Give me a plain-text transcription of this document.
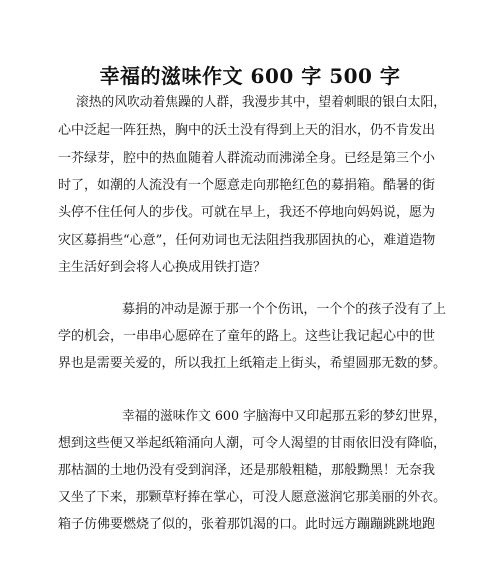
幸福的滋味作文 600 字 500 字
滚热的风吹动着焦躁的人群，我漫步其中，望着刺眼的银白太阳，
心中泛起一阵狂热，胸中的沃土没有得到上天的泪水，仍不肯发出
一芥绿芽，腔中的热血随着人群流动而沸涕全身。已经是第三个小
时了，如潮的人流没有一个愿意走向那艳红色的募捐箱。酷暑的街
头停不住任何人的步伐。可就在早上，我还不停地向妈妈说，愿为
灾区募捐些“心意”，任何劝词也无法阻挡我那固执的心，难道造物
主生活好到会将人心换成用铁打造？
募捐的冲动是源于那一个个伤讯，一个个的孩子没有了上
学的机会，一串串心愿碎在了童年的路上。这些让我记起心中的世
界也是需要关爱的，所以我扛上纸箱走上街头，希望圆那无数的梦。
幸福的滋味作文 600 字脑海中又印起那五彩的梦幻世界，
想到这些便又举起纸箱涌向人潮，可令人渴望的甘雨依旧没有降临，
那枯涸的土地仍没有受到润泽，还是那般粗糙，那般黝黑！无奈我
又坐了下来，那颗草籽捧在掌心，可没人愿意滋润它那美丽的外衣。
箱子仿佛要燃烧了似的，张着那饥渴的口。此时远方蹦蹦跳跳地跑
